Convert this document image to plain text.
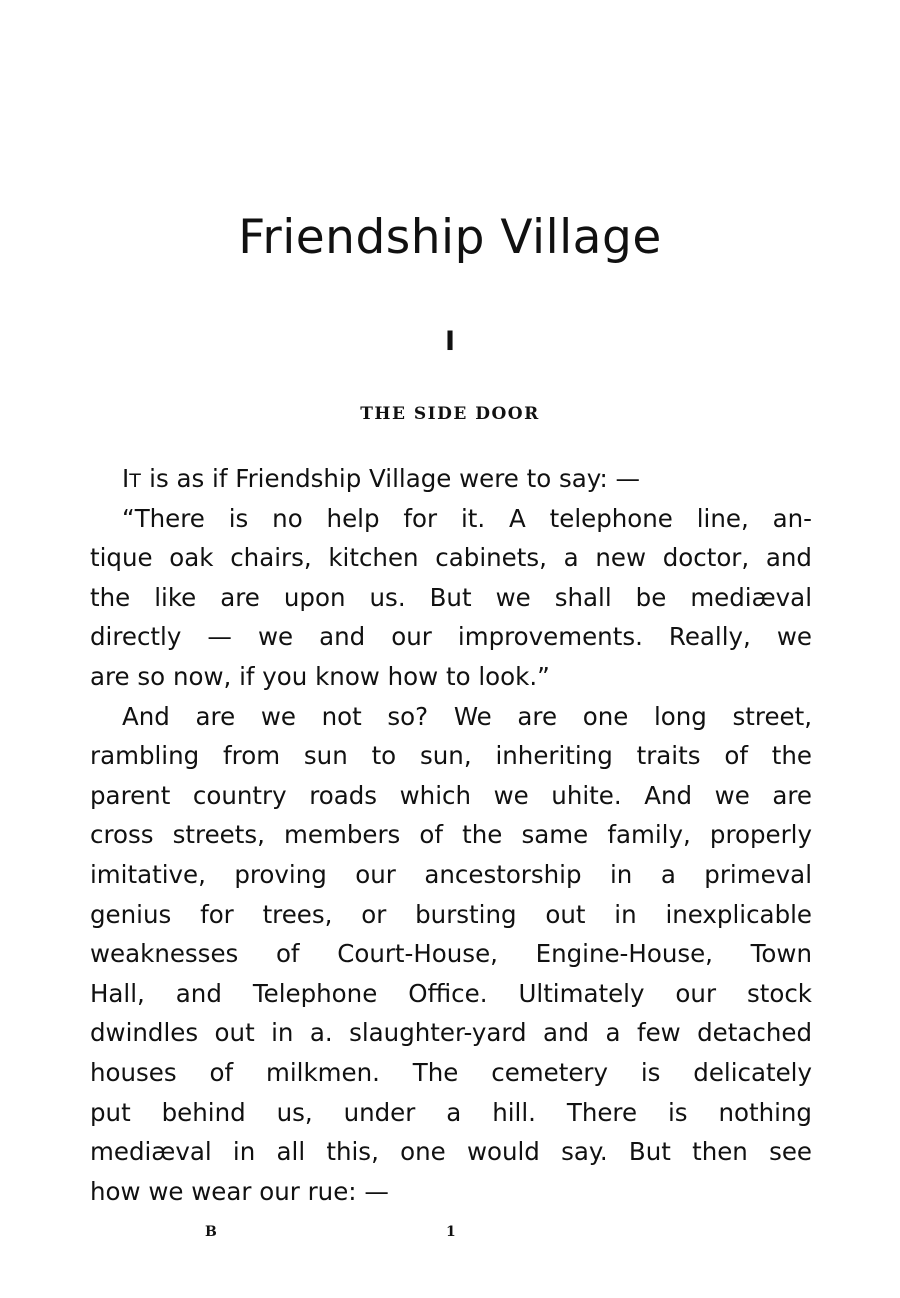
Friendship Village
I
THE SIDE DOOR
IT is as if Friendship Village were to say: —
“There is no help for it. A telephone line, an-
tique oak chairs, kitchen cabinets, a new doctor, and
the like are upon us. But we shall be mediæval
directly — we and our improvements. Really, we
are so now, if you know how to look.”
And are we not so? We are one long street,
rambling from sun to sun, inheriting traits of the
parent country roads which we uhite. And we are
cross streets, members of the same family, properly
imitative, proving our ancestorship in a primeval
genius for trees, or bursting out in inexplicable
weaknesses of Court-House, Engine-House, Town
Hall, and Telephone Office. Ultimately our stock
dwindles out in a. slaughter-yard and a few detached
houses of milkmen. The cemetery is delicately
put behind us, under a hill. There is nothing
mediæval in all this, one would say. But then see
how we wear our rue: —
B	1
